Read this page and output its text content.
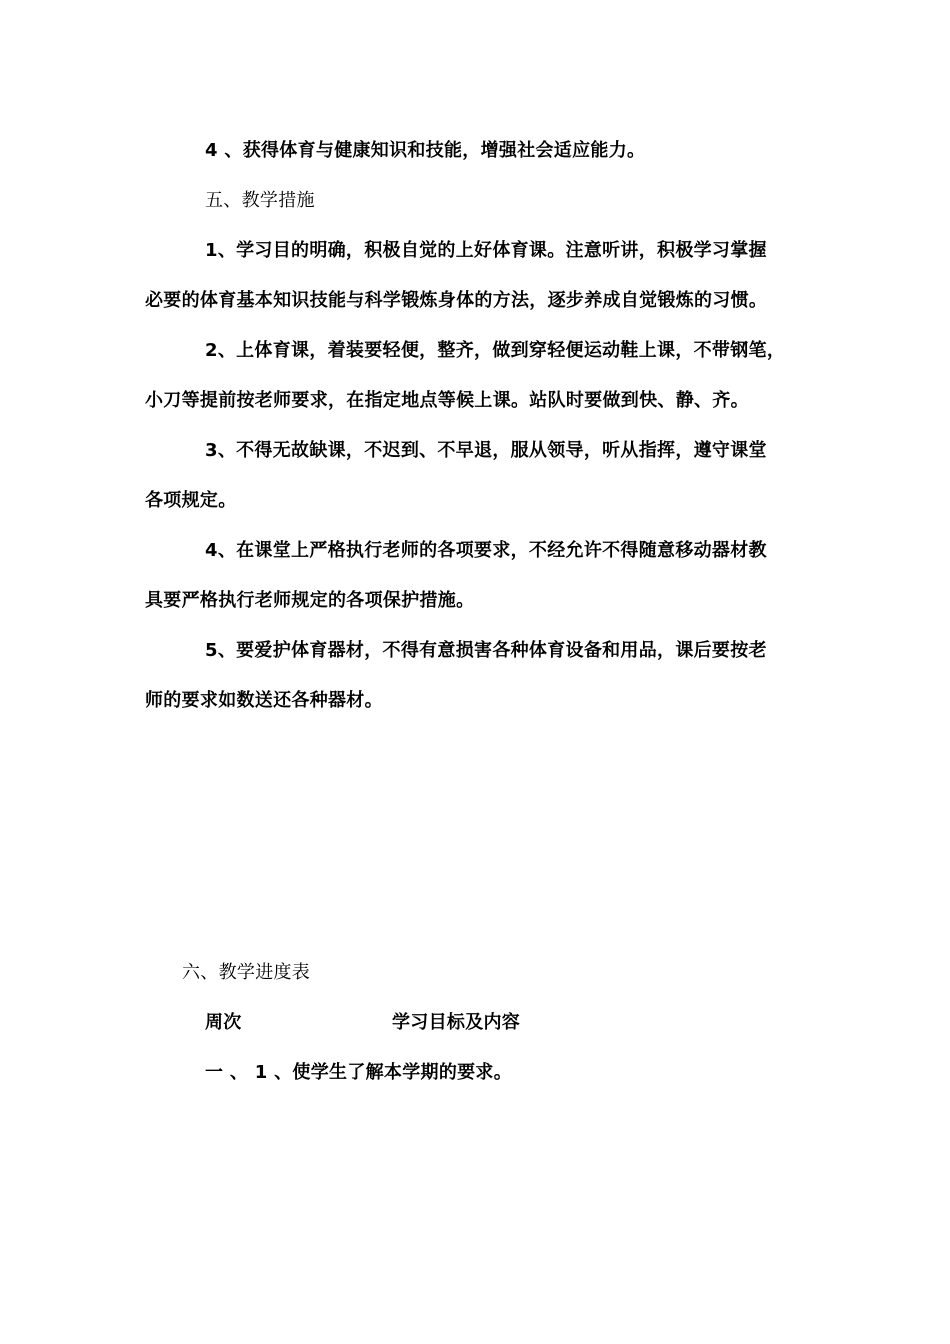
4 、获得体育与健康知识和技能，增强社会适应能力。
五、教学措施
1、学习目的明确，积极自觉的上好体育课。注意听讲，积极学习掌握
必要的体育基本知识技能与科学锻炼身体的方法，逐步养成自觉锻炼的习惯。
2、上体育课，着装要轻便，整齐，做到穿轻便运动鞋上课，不带钢笔，
小刀等提前按老师要求，在指定地点等候上课。站队时要做到快、静、齐。
3、不得无故缺课，不迟到、不早退，服从领导，听从指挥，遵守课堂
各项规定。
4、在课堂上严格执行老师的各项要求，不经允许不得随意移动器材教
具要严格执行老师规定的各项保护措施。
5、要爱护体育器材，不得有意损害各种体育设备和用品，课后要按老
师的要求如数送还各种器材。
六、教学进度表
周次	学习目标及内容
一 、 1 、使学生了解本学期的要求。
